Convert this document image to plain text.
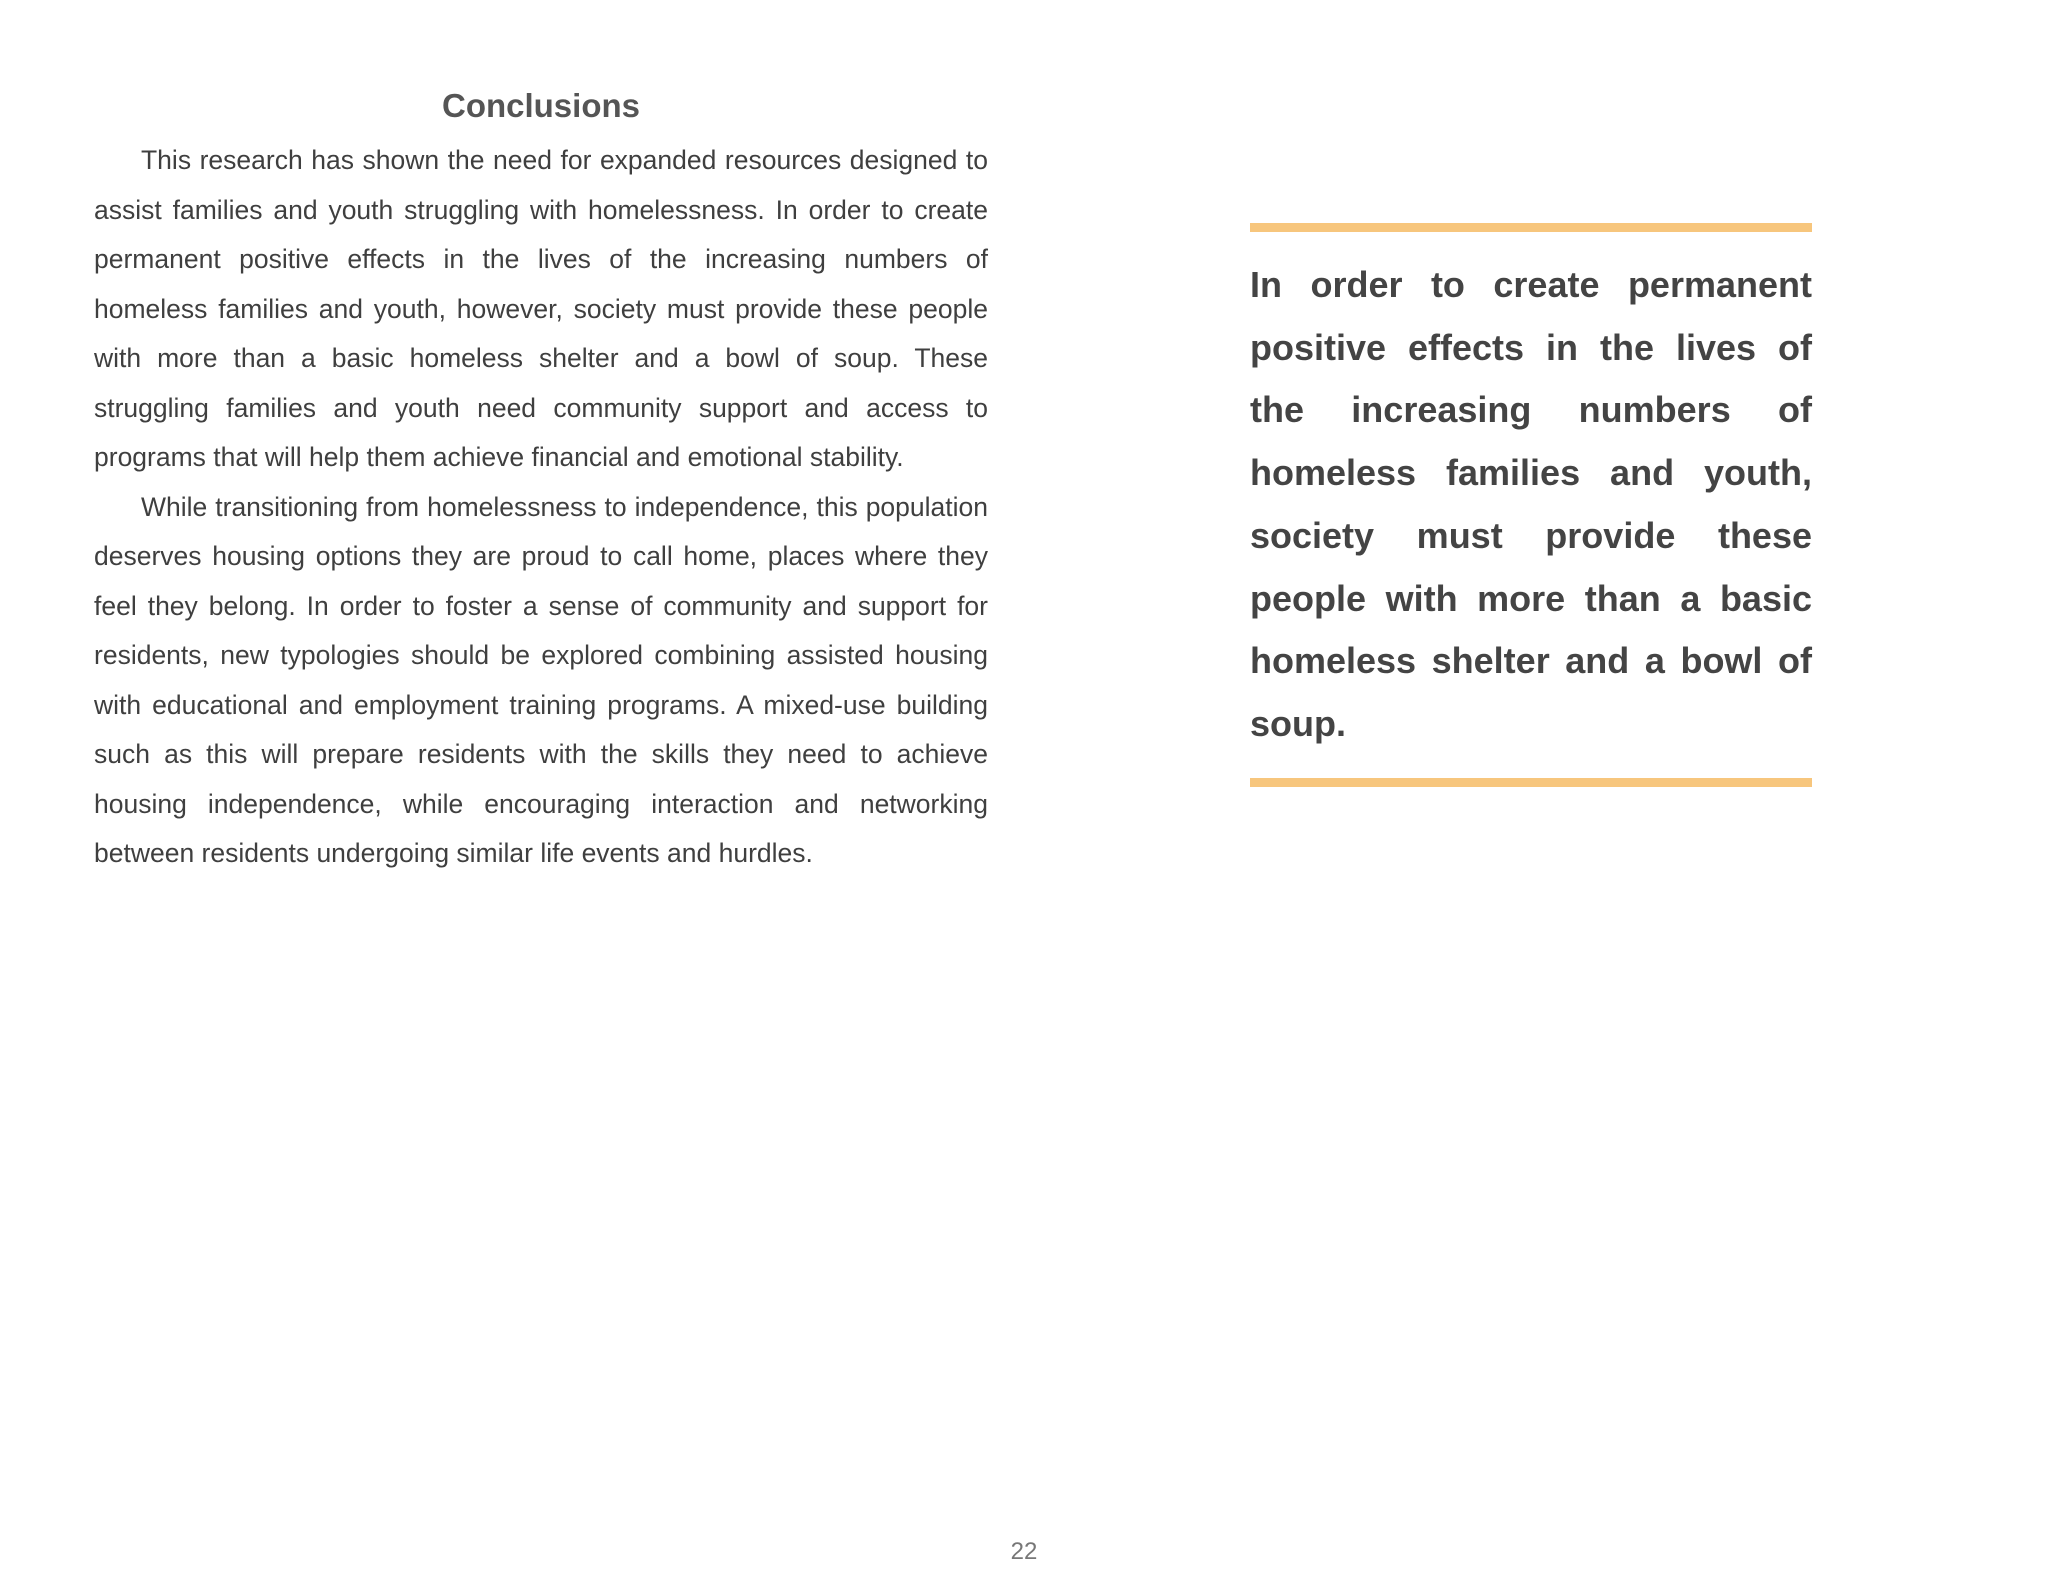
Conclusions

This research has shown the need for expanded resources designed to assist families and youth struggling with homelessness. In order to create permanent positive effects in the lives of the increasing numbers of homeless families and youth, however, society must provide these people with more than a basic homeless shelter and a bowl of soup. These struggling families and youth need community support and access to programs that will help them achieve financial and emotional stability.

While transitioning from homelessness to independence, this population deserves housing options they are proud to call home, places where they feel they belong. In order to foster a sense of community and support for residents, new typologies should be explored combining assisted housing with educational and employment training programs. A mixed-use building such as this will prepare residents with the skills they need to achieve housing independence, while encouraging interaction and networking between residents undergoing similar life events and hurdles.

In order to create permanent positive effects in the lives of the increasing numbers of homeless families and youth, society must provide these people with more than a basic homeless shelter and a bowl of soup.

22
